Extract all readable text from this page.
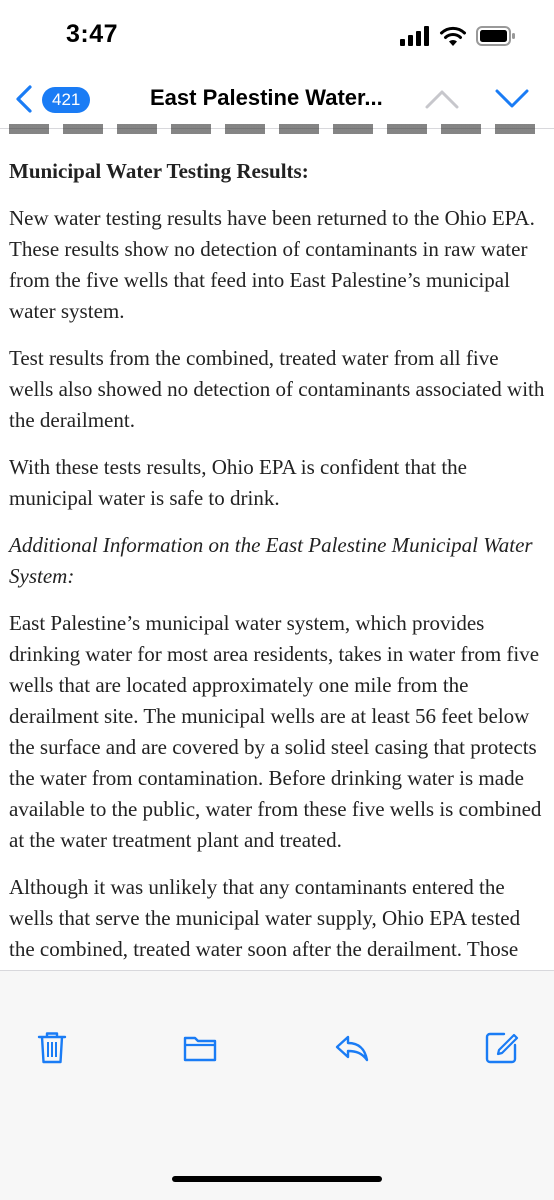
3:47
421	East Palestine Water...
Municipal Water Testing Results:

New water testing results have been returned to the Ohio EPA. These results show no detection of contaminants in raw water from the five wells that feed into East Palestine’s municipal water system.

Test results from the combined, treated water from all five wells also showed no detection of contaminants associated with the derailment.

With these tests results, Ohio EPA is confident that the municipal water is safe to drink.

Additional Information on the East Palestine Municipal Water System:

East Palestine’s municipal water system, which provides drinking water for most area residents, takes in water from five wells that are located approximately one mile from the derailment site. The municipal wells are at least 56 feet below the surface and are covered by a solid steel casing that protects the water from contamination. Before drinking water is made available to the public, water from these five wells is combined at the water treatment plant and treated.

Although it was unlikely that any contaminants entered the wells that serve the municipal water supply, Ohio EPA tested the combined, treated water soon after the derailment. Those
